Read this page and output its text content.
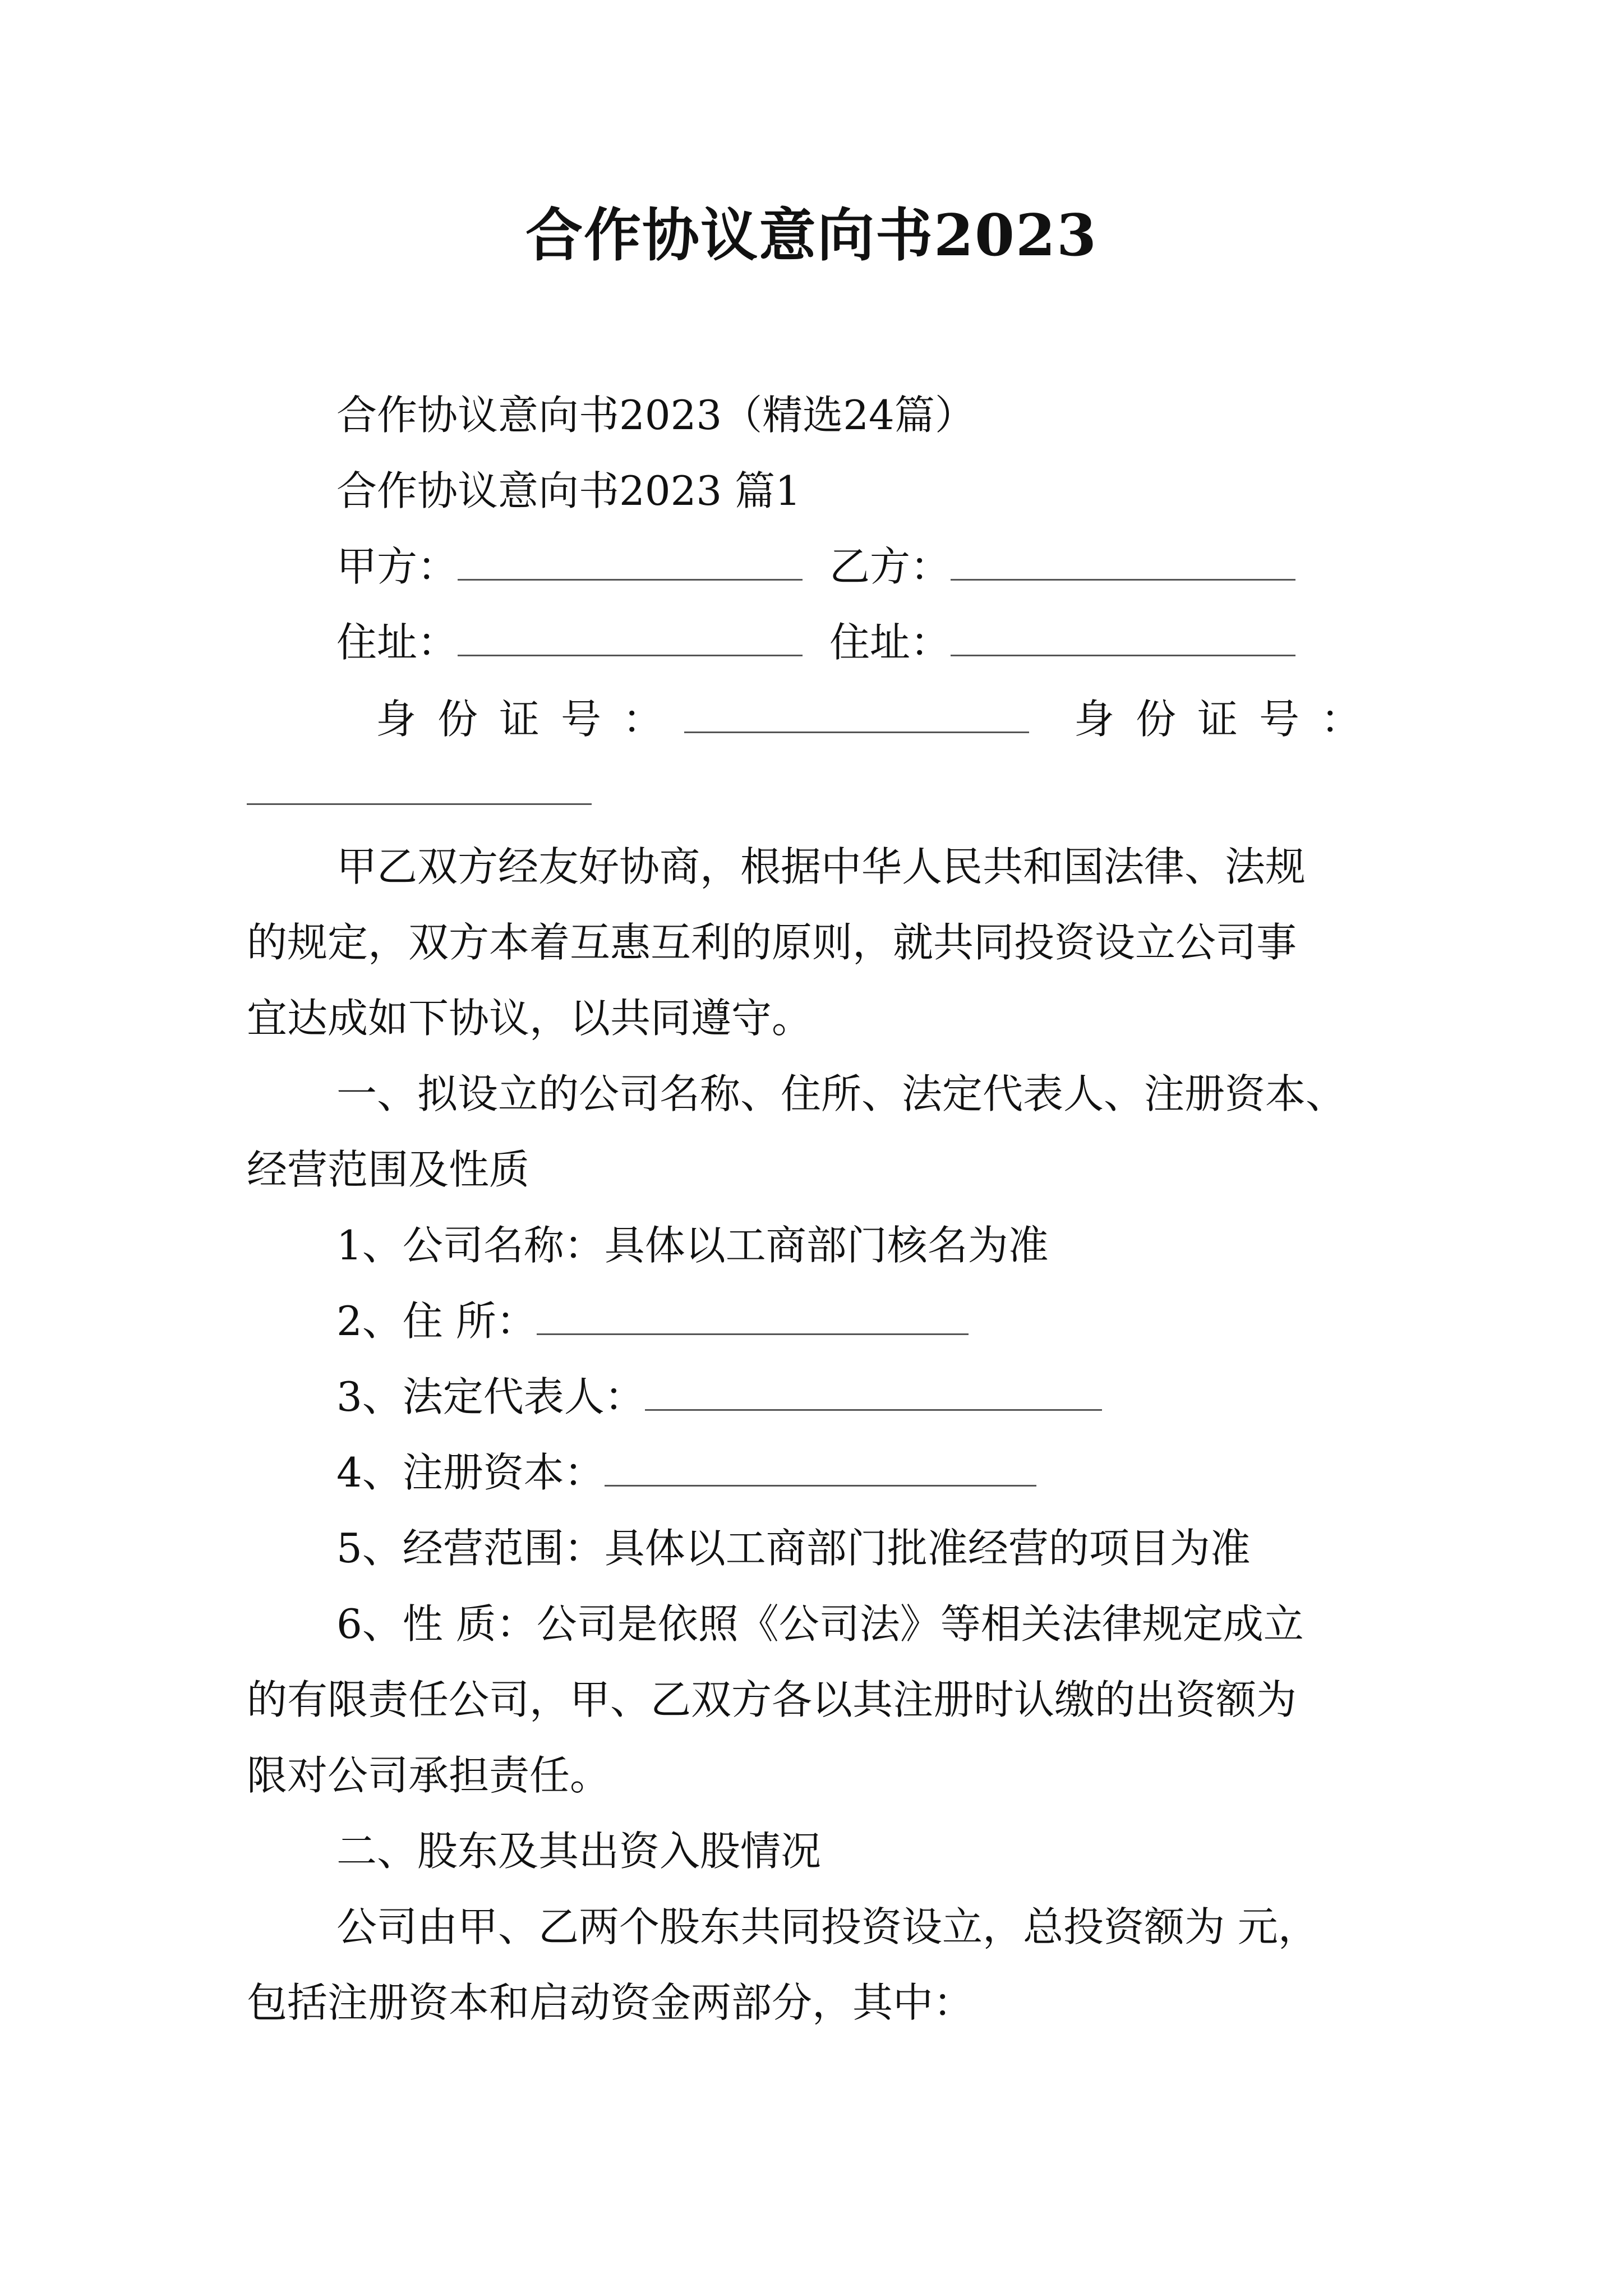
合作协议意向书2023
合作协议意向书2023（精选24篇）
合作协议意向书2023 篇1
甲方：	乙方：
住址：	住址：
身份证号：	身份证号：
甲乙双方经友好协商，根据中华人民共和国法律、法规
的规定，双方本着互惠互利的原则，就共同投资设立公司事
宜达成如下协议，以共同遵守。
一、拟设立的公司名称、住所、法定代表人、注册资本、
经营范围及性质
1、公司名称：具体以工商部门核名为准
2、住 所：
3、法定代表人：
4、注册资本：
5、经营范围：具体以工商部门批准经营的项目为准
6、性 质：公司是依照《公司法》等相关法律规定成立
的有限责任公司，甲、乙双方各以其注册时认缴的出资额为
限对公司承担责任。
二、股东及其出资入股情况
公司由甲、乙两个股东共同投资设立，总投资额为 元，
包括注册资本和启动资金两部分，其中：
